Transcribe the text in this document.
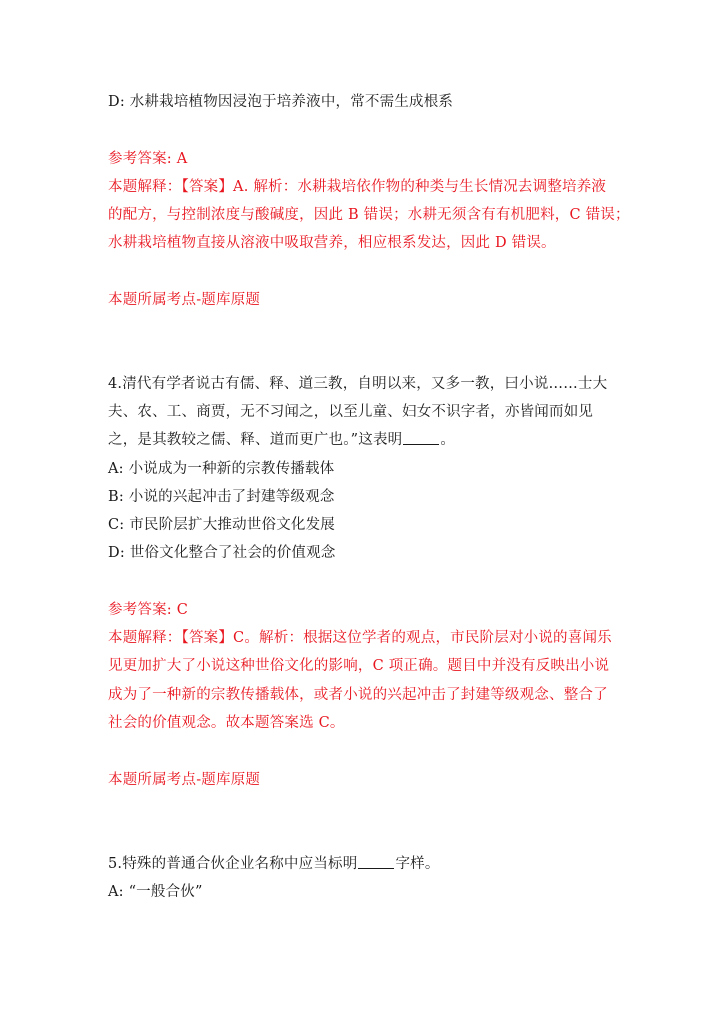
D: 水耕栽培植物因浸泡于培养液中，常不需生成根系
参考答案: A
本题解释：【答案】A. 解析：水耕栽培依作物的种类与生长情况去调整培养液
的配方，与控制浓度与酸碱度，因此 B 错误；水耕无须含有有机肥料，C 错误；
水耕栽培植物直接从溶液中吸取营养，相应根系发达，因此 D 错误。
本题所属考点-题库原题
4.清代有学者说古有儒、释、道三教，自明以来，又多一教，曰小说……士大
夫、农、工、商贾，无不习闻之，以至儿童、妇女不识字者，亦皆闻而如见
之，是其教较之儒、释、道而更广也。”这表明	。
A: 小说成为一种新的宗教传播载体
B: 小说的兴起冲击了封建等级观念
C: 市民阶层扩大推动世俗文化发展
D: 世俗文化整合了社会的价值观念
参考答案: C
本题解释：【答案】C。解析：根据这位学者的观点，市民阶层对小说的喜闻乐
见更加扩大了小说这种世俗文化的影响，C 项正确。题目中并没有反映出小说
成为了一种新的宗教传播载体，或者小说的兴起冲击了封建等级观念、整合了
社会的价值观念。故本题答案选 C。
本题所属考点-题库原题
5.特殊的普通合伙企业名称中应当标明	字样。
A: “一般合伙”
